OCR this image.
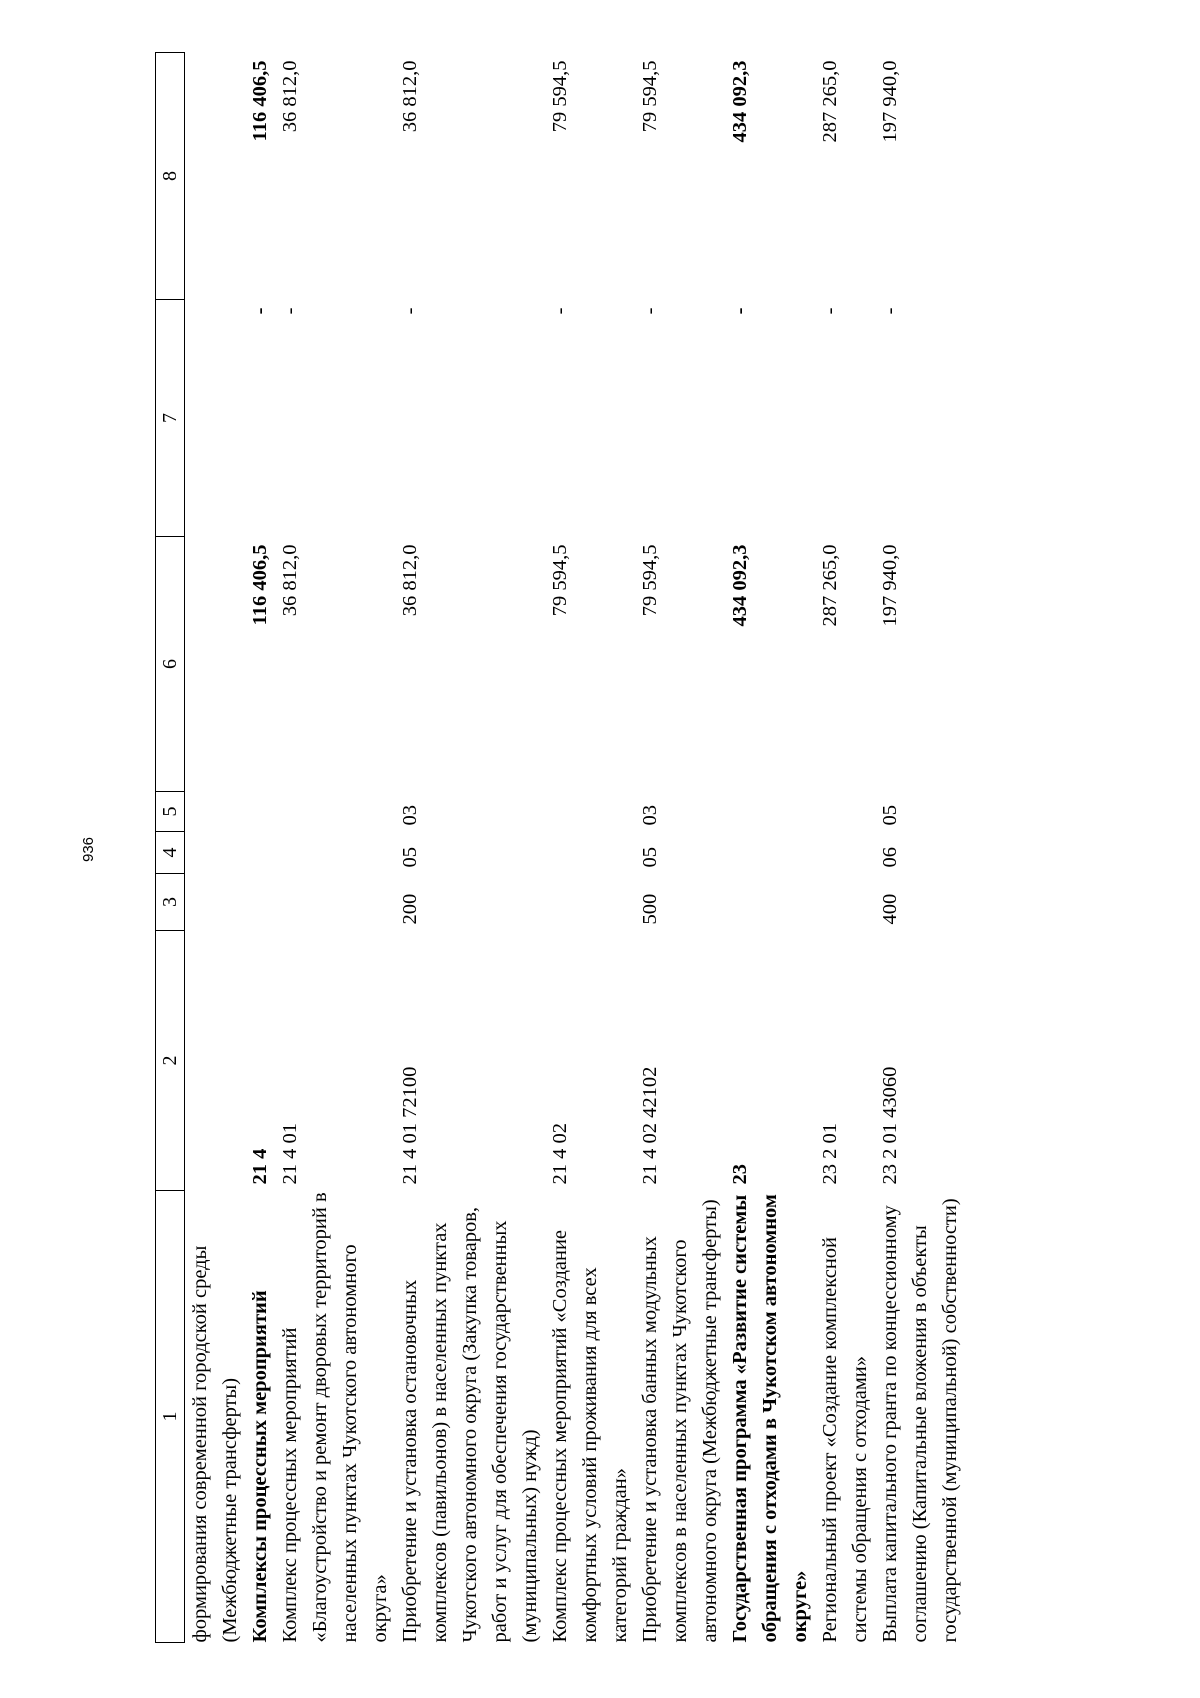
936
1	2	3	4	5	6	7	8
формирования современной городской среды (Межбюджетные трансферты)							
Комплексы процессных мероприятий	21 4				116 406,5	-	116 406,5
Комплекс процессных мероприятий «Благоустройство и ремонт дворовых территорий в населенных пунктах Чукотского автономного округа»	21 4 01				36 812,0	-	36 812,0
Приобретение и установка остановочных комплексов (павильонов) в населенных пунктах Чукотского автономного округа (Закупка товаров, работ и услуг для обеспечения государственных (муниципальных) нужд)	21 4 01 72100	200	05	03	36 812,0	-	36 812,0
Комплекс процессных мероприятий «Создание комфортных условий проживания для всех категорий граждан»	21 4 02				79 594,5	-	79 594,5
Приобретение и установка банных модульных комплексов в населенных пунктах Чукотского автономного округа (Межбюджетные трансферты)	21 4 02 42102	500	05	03	79 594,5	-	79 594,5
Государственная программа «Развитие системы обращения с отходами в Чукотском автономном округе»	23				434 092,3	-	434 092,3
Региональный проект «Создание комплексной системы обращения с отходами»	23 2 01				287 265,0	-	287 265,0
Выплата капитального гранта по концессионному соглашению (Капитальные вложения в объекты государственной (муниципальной) собственности)	23 2 01 43060	400	06	05	197 940,0	-	197 940,0
